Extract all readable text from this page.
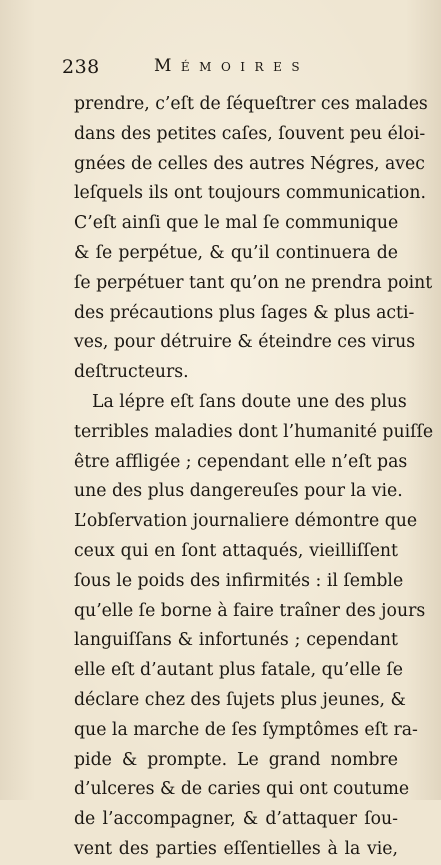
238	Mémoires
prendre, c’eſt de ſéqueſtrer ces malades
dans des petites caſes, ſouvent peu éloi-
gnées de celles des autres Négres, avec
leſquels ils ont toujours communication.
C’eſt ainſi que le mal ſe communique
& ſe perpétue, & qu’il continuera de
ſe perpétuer tant qu’on ne prendra point
des précautions plus ſages & plus acti-
ves, pour détruire & éteindre ces virus
deſtructeurs.
La lépre eſt ſans doute une des plus
terribles maladies dont l’humanité puiſſe
être affligée ; cependant elle n’eſt pas
une des plus dangereuſes pour la vie.
L’obſervation journaliere démontre que
ceux qui en ſont attaqués, vieilliſſent
ſous le poids des infirmités : il ſemble
qu’elle ſe borne à faire traîner des jours
languiſſans & infortunés ; cependant
elle eſt d’autant plus fatale, qu’elle ſe
déclare chez des ſujets plus jeunes, &
que la marche de ſes ſymptômes eſt ra-
pide & prompte. Le grand nombre
d’ulceres & de caries qui ont coutume
de l’accompagner, & d’attaquer ſou-
vent des parties eſſentielles à la vie,
